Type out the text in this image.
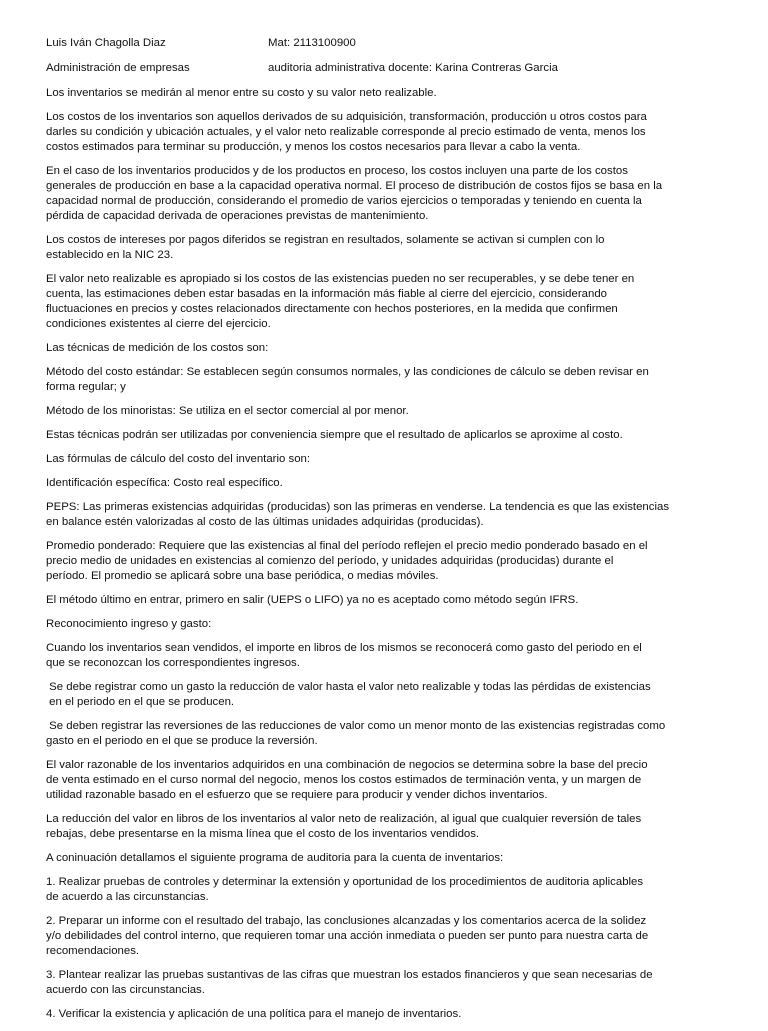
Luis Iván Chagolla Diaz	Mat: 2113100900
Administración de empresas	auditoria administrativa docente: Karina Contreras Garcia
Los inventarios se medirán al menor entre su costo y su valor neto realizable.
Los costos de los inventarios son aquellos derivados de su adquisición, transformación, producción u otros costos para
darles su condición y ubicación actuales, y el valor neto realizable corresponde al precio estimado de venta, menos los
costos estimados para terminar su producción, y menos los costos necesarios para llevar a cabo la venta.
En el caso de los inventarios producidos y de los productos en proceso, los costos incluyen una parte de los costos
generales de producción en base a la capacidad operativa normal. El proceso de distribución de costos fijos se basa en la
capacidad normal de producción, considerando el promedio de varios ejercicios o temporadas y teniendo en cuenta la
pérdida de capacidad derivada de operaciones previstas de mantenimiento.
Los costos de intereses por pagos diferidos se registran en resultados, solamente se activan si cumplen con lo
establecido en la NIC 23.
El valor neto realizable es apropiado si los costos de las existencias pueden no ser recuperables, y se debe tener en
cuenta, las estimaciones deben estar basadas en la información más fiable al cierre del ejercicio, considerando
fluctuaciones en precios y costes relacionados directamente con hechos posteriores, en la medida que confirmen
condiciones existentes al cierre del ejercicio.
Las técnicas de medición de los costos son:
Método del costo estándar: Se establecen según consumos normales, y las condiciones de cálculo se deben revisar en
forma regular; y
Método de los minoristas: Se utiliza en el sector comercial al por menor.
Estas técnicas podrán ser utilizadas por conveniencia siempre que el resultado de aplicarlos se aproxime al costo.
Las fórmulas de cálculo del costo del inventario son:
Identificación específica: Costo real específico.
PEPS: Las primeras existencias adquiridas (producidas) son las primeras en venderse. La tendencia es que las existencias
en balance estén valorizadas al costo de las últimas unidades adquiridas (producidas).
Promedio ponderado: Requiere que las existencias al final del período reflejen el precio medio ponderado basado en el
precio medio de unidades en existencias al comienzo del período, y unidades adquiridas (producidas) durante el
período. El promedio se aplicará sobre una base periódica, o medias móviles.
El método último en entrar, primero en salir (UEPS o LIFO) ya no es aceptado como método según IFRS.
Reconocimiento ingreso y gasto:
Cuando los inventarios sean vendidos, el importe en libros de los mismos se reconocerá como gasto del periodo en el
que se reconozcan los correspondientes ingresos.
Se debe registrar como un gasto la reducción de valor hasta el valor neto realizable y todas las pérdidas de existencias
en el periodo en el que se producen.
Se deben registrar las reversiones de las reducciones de valor como un menor monto de las existencias registradas como
gasto en el periodo en el que se produce la reversión.
El valor razonable de los inventarios adquiridos en una combinación de negocios se determina sobre la base del precio
de venta estimado en el curso normal del negocio, menos los costos estimados de terminación venta, y un margen de
utilidad razonable basado en el esfuerzo que se requiere para producir y vender dichos inventarios.
La reducción del valor en libros de los inventarios al valor neto de realización, al igual que cualquier reversión de tales
rebajas, debe presentarse en la misma línea que el costo de los inventarios vendidos.
A coninuación detallamos el siguiente programa de auditoria para la cuenta de inventarios:
1. Realizar pruebas de controles y determinar la extensión y oportunidad de los procedimientos de auditoria aplicables
de acuerdo a las circunstancias.
2. Preparar un informe con el resultado del trabajo, las conclusiones alcanzadas y los comentarios acerca de la solidez
y/o debilidades del control interno, que requieren tomar una acción inmediata o pueden ser punto para nuestra carta de
recomendaciones.
3. Plantear realizar las pruebas sustantivas de las cifras que muestran los estados financieros y que sean necesarias de
acuerdo con las circunstancias.
4. Verificar la existencia y aplicación de una política para el manejo de inventarios.
